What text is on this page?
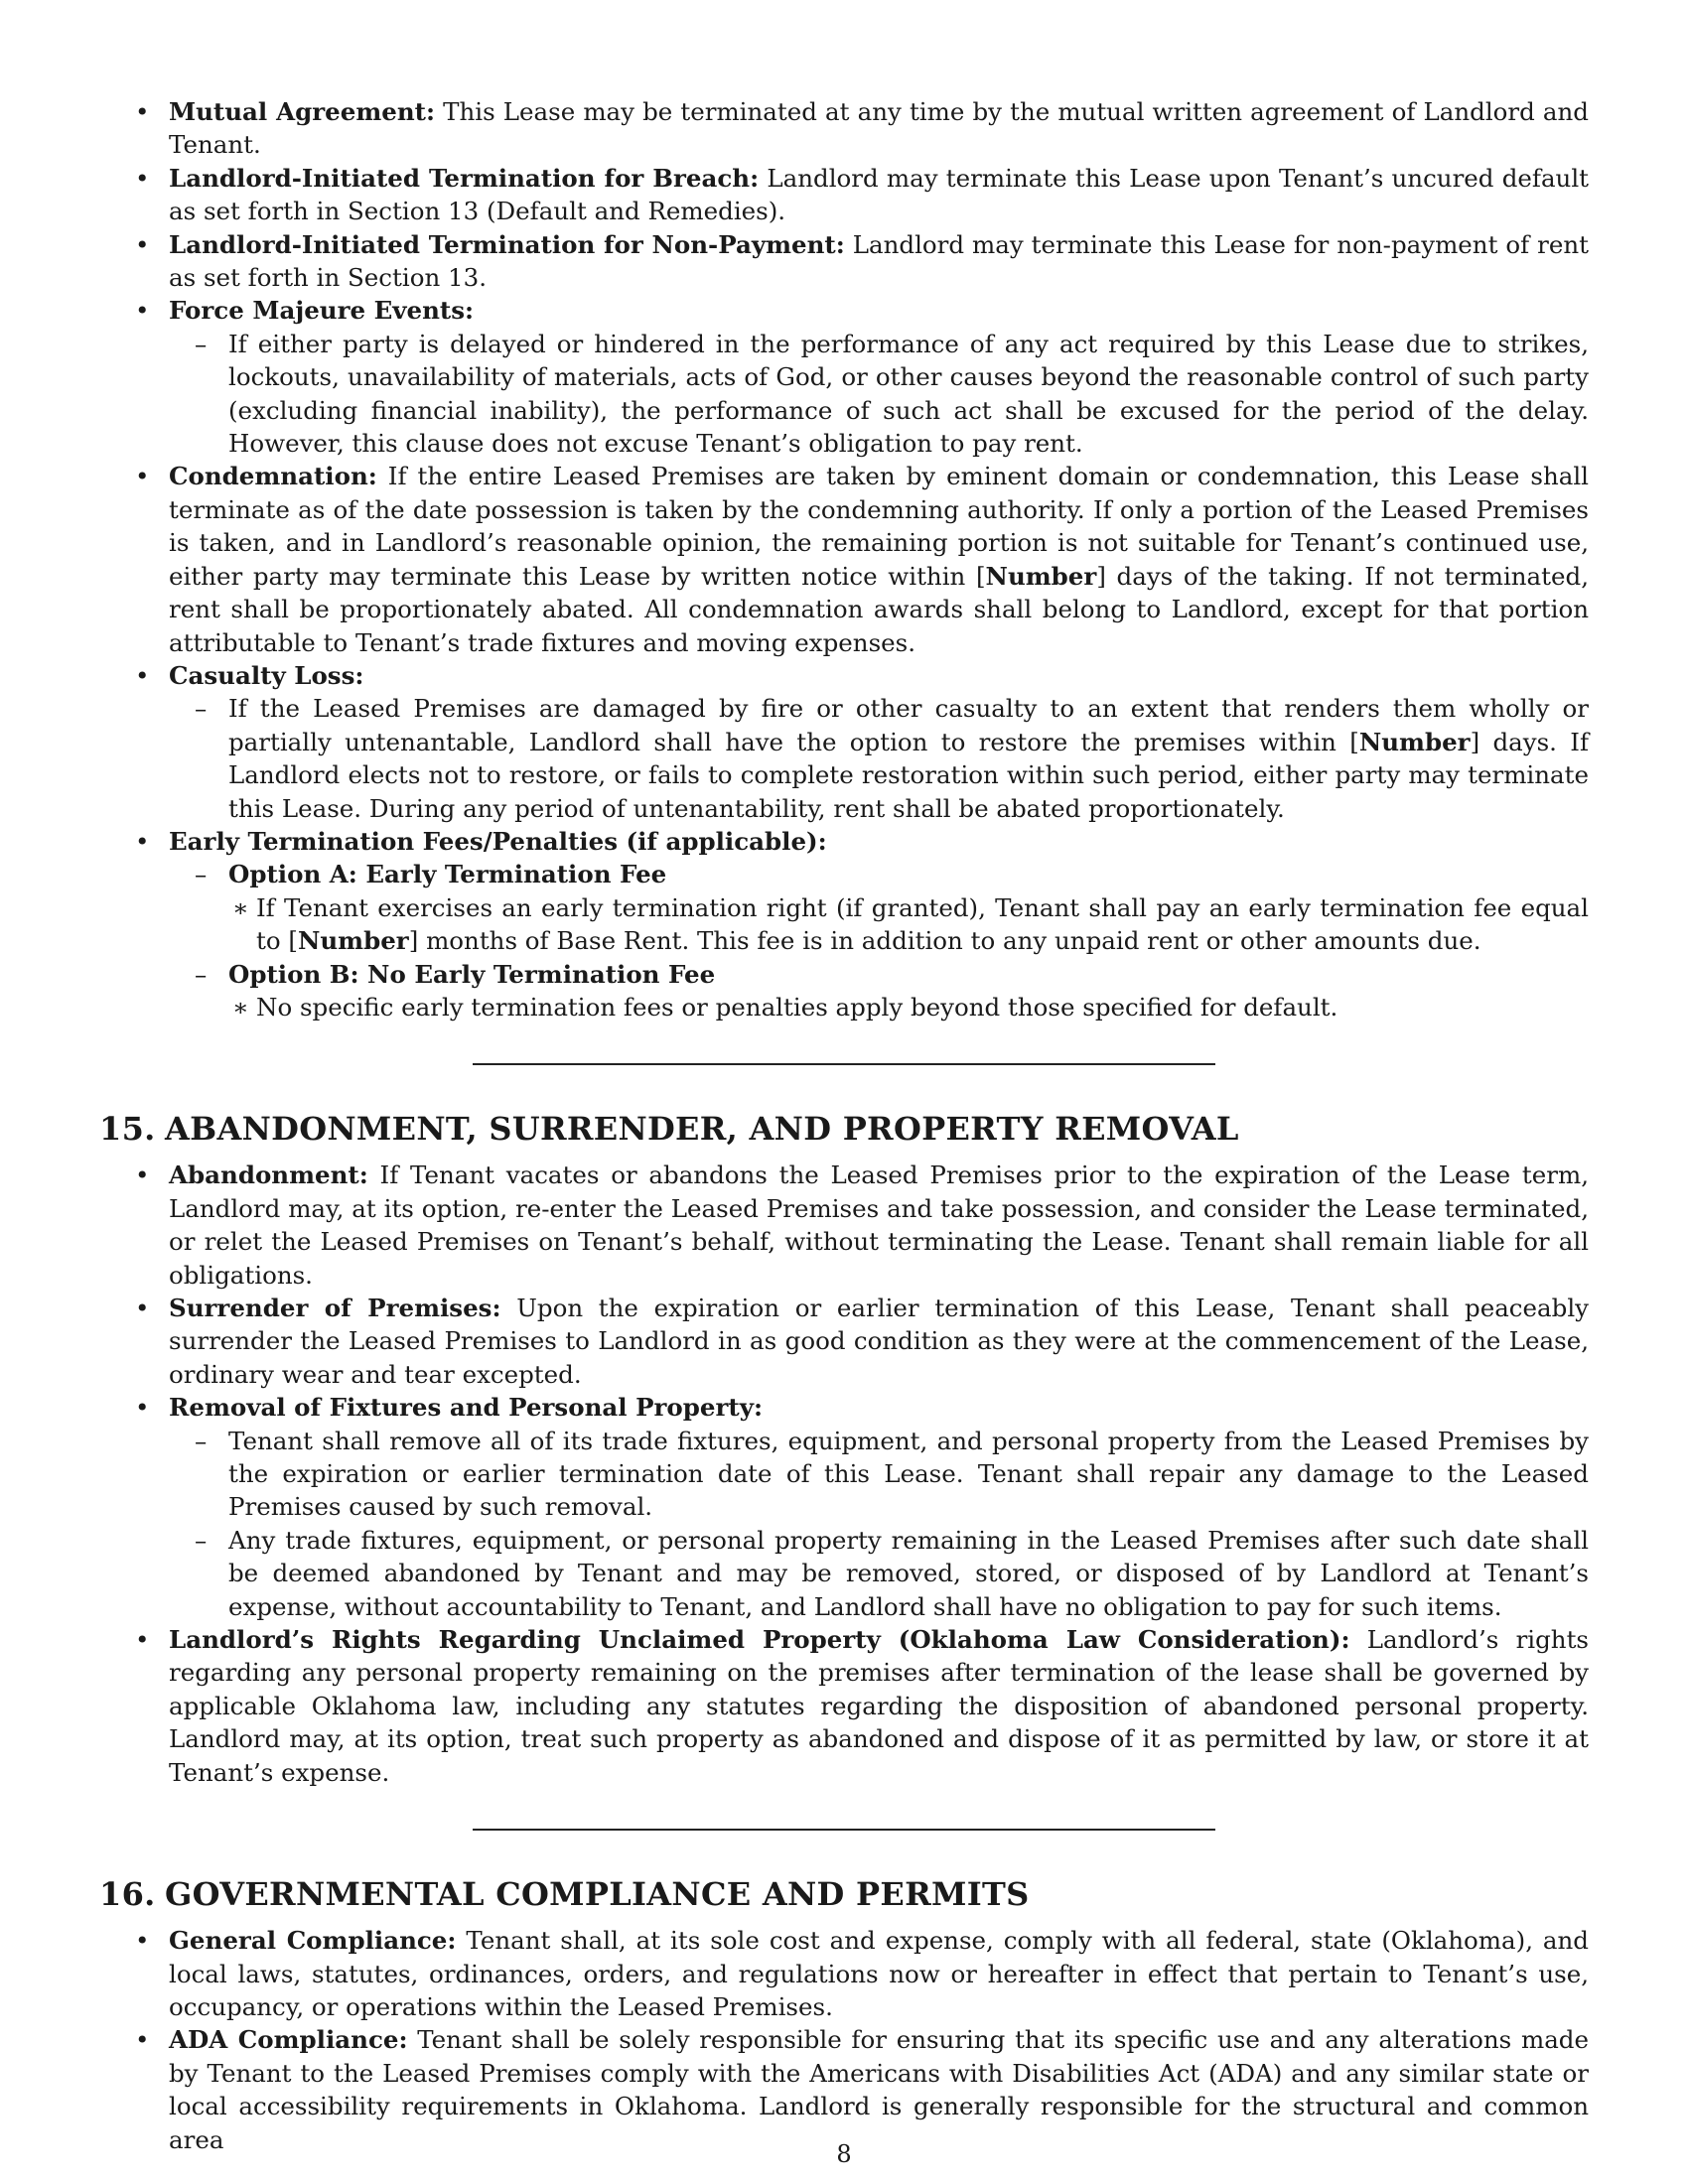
• Mutual Agreement: This Lease may be terminated at any time by the mutual written agreement of Landlord and Tenant.
• Landlord-Initiated Termination for Breach: Landlord may terminate this Lease upon Tenant’s uncured default as set forth in Section 13 (Default and Remedies).
• Landlord-Initiated Termination for Non-Payment: Landlord may terminate this Lease for non-payment of rent as set forth in Section 13.
• Force Majeure Events:
– If either party is delayed or hindered in the performance of any act required by this Lease due to strikes, lockouts, unavailability of materials, acts of God, or other causes beyond the reasonable control of such party (excluding financial inability), the performance of such act shall be excused for the period of the delay. However, this clause does not excuse Tenant’s obligation to pay rent.
• Condemnation: If the entire Leased Premises are taken by eminent domain or condemnation, this Lease shall terminate as of the date possession is taken by the condemning authority. If only a portion of the Leased Premises is taken, and in Landlord’s reasonable opinion, the remaining portion is not suitable for Tenant’s continued use, either party may terminate this Lease by written notice within [Number] days of the taking. If not terminated, rent shall be proportionately abated. All condemnation awards shall belong to Landlord, except for that portion attributable to Tenant’s trade fixtures and moving expenses.
• Casualty Loss:
– If the Leased Premises are damaged by fire or other casualty to an extent that renders them wholly or partially untenantable, Landlord shall have the option to restore the premises within [Number] days. If Landlord elects not to restore, or fails to complete restoration within such period, either party may terminate this Lease. During any period of untenantability, rent shall be abated proportionately.
• Early Termination Fees/Penalties (if applicable):
– Option A: Early Termination Fee
∗ If Tenant exercises an early termination right (if granted), Tenant shall pay an early termination fee equal to [Number] months of Base Rent. This fee is in addition to any unpaid rent or other amounts due.
– Option B: No Early Termination Fee
∗ No specific early termination fees or penalties apply beyond those specified for default.
15. ABANDONMENT, SURRENDER, AND PROPERTY REMOVAL
• Abandonment: If Tenant vacates or abandons the Leased Premises prior to the expiration of the Lease term, Landlord may, at its option, re-enter the Leased Premises and take possession, and consider the Lease terminated, or relet the Leased Premises on Tenant’s behalf, without terminating the Lease. Tenant shall remain liable for all obligations.
• Surrender of Premises: Upon the expiration or earlier termination of this Lease, Tenant shall peaceably surrender the Leased Premises to Landlord in as good condition as they were at the commencement of the Lease, ordinary wear and tear excepted.
• Removal of Fixtures and Personal Property:
– Tenant shall remove all of its trade fixtures, equipment, and personal property from the Leased Premises by the expiration or earlier termination date of this Lease. Tenant shall repair any damage to the Leased Premises caused by such removal.
– Any trade fixtures, equipment, or personal property remaining in the Leased Premises after such date shall be deemed abandoned by Tenant and may be removed, stored, or disposed of by Landlord at Tenant’s expense, without accountability to Tenant, and Landlord shall have no obligation to pay for such items.
• Landlord’s Rights Regarding Unclaimed Property (Oklahoma Law Consideration): Landlord’s rights regarding any personal property remaining on the premises after termination of the lease shall be governed by applicable Oklahoma law, including any statutes regarding the disposition of abandoned personal property. Landlord may, at its option, treat such property as abandoned and dispose of it as permitted by law, or store it at Tenant’s expense.
16. GOVERNMENTAL COMPLIANCE AND PERMITS
• General Compliance: Tenant shall, at its sole cost and expense, comply with all federal, state (Oklahoma), and local laws, statutes, ordinances, orders, and regulations now or hereafter in effect that pertain to Tenant’s use, occupancy, or operations within the Leased Premises.
• ADA Compliance: Tenant shall be solely responsible for ensuring that its specific use and any alterations made by Tenant to the Leased Premises comply with the Americans with Disabilities Act (ADA) and any similar state or local accessibility requirements in Oklahoma. Landlord is generally responsible for the structural and common area
8
